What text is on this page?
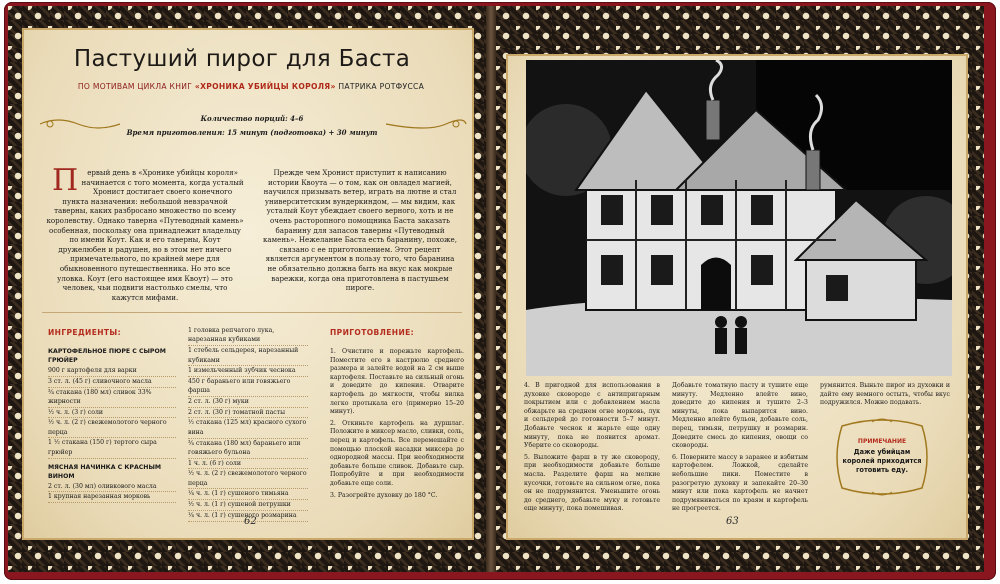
Пастуший пирог для Баста
ПО МОТИВАМ ЦИКЛА КНИГ «ХРОНИКА УБИЙЦЫ КОРОЛЯ» ПАТРИКА РОТФУССА
Количество порций: 4–6
Время приготовления: 15 минут (подготовка) + 30 минут
П ервый день в «Хронике убийцы короля» начинается с того момента, когда усталый Хронист достигает своего конечного пункта назначения: небольшой невзрачной таверны, каких разбросано множество по всему королевству. Однако таверна «Путеводный камень» особенная, поскольку она принадлежит владельцу по имени Коут. Как и его таверны, Коут дружелюбен и радушен, но в этом нет ничего примечательного, по крайней мере для обыкновенного путешественника. Но это все уловка. Коут (его настоящее имя Квоут) — это человек, чьи подвиги настолько смелы, что кажутся мифами.
Прежде чем Хронист приступит к написанию истории Квоута — о том, как он овладел магией, научился призывать ветер, играть на лютне и стал университетским вундеркиндом, — мы видим, как усталый Коут убеждает своего верного, хоть и не очень расторопного помощника Баста заказать баранину для запасов таверны «Путеводный камень». Нежелание Баста есть баранину, похоже, связано с ее приготовлением. Этот рецепт является аргументом в пользу того, что баранина не обязательно должна быть на вкус как мокрые варежки, когда она приготовлена в пастушьем пироге.
ИНГРЕДИЕНТЫ:
КАРТОФЕЛЬНОЕ ПЮРЕ С СЫРОМ ГРЮЙЕР
900 г картофеля для варки
3 ст. л. (45 г) сливочного масла
¾ стакана (180 мл) сливок 33% жирности
½ ч. л. (3 г) соли
½ ч. л. (2 г) свежемолотого черного перца
1 ½ стакана (150 г) тертого сыра грюйер
МЯСНАЯ НАЧИНКА С КРАСНЫМ ВИНОМ
2 ст. л. (30 мл) оливкового масла
1 крупная нарезанная морковь
1 головка репчатого лука, нарезанная кубиками
1 стебель сельдерея, нарезанный кубиками
1 измельченный зубчик чеснока
450 г бараньего или говяжьего фарша
2 ст. л. (30 г) муки
2 ст. л. (30 г) томатной пасты
½ стакана (125 мл) красного сухого вина
¾ стакана (180 мл) бараньего или говяжьего бульона
1 ч. л. (6 г) соли
½ ч. л. (2 г) свежемолотого черного перца
¼ ч. л. (1 г) сушеного тимьяна
½ ч. л. (1 г) сушеной петрушки
¼ ч. л. (1 г) сушеного розмарина
ПРИГОТОВЛЕНИЕ:
1. Очистите и порежьте картофель. Поместите его в кастрюлю среднего размера и залейте водой на 2 см выше картофеля. Поставьте на сильный огонь и доведите до кипения. Отварите картофель до мягкости, чтобы вилка легко протыкала его (примерно 15–20 минут).
2. Откиньте картофель на дуршлаг. Положите в миксер масло, сливки, соль, перец и картофель. Все перемешайте с помощью плоской насадки миксера до однородной массы. При необходимости добавьте больше сливок. Добавьте сыр. Попробуйте и при необходимости добавьте еще соли.
3. Разогрейте духовку до 180 °С.
62
4. В пригодной для использования в духовке сковороде с антипригарным покрытием или с добавлением масла обжарьте на среднем огне морковь, лук и сельдерей до готовности 5–7 минут. Добавьте чеснок и жарьте еще одну минуту, пока не появится аромат. Уберите со сковороды.
5. Выложите фарш в ту же сковороду, при необходимости добавьте больше масла. Разделите фарш на мелкие кусочки, готовьте на сильном огне, пока он не подрумянится. Уменьшите огонь до среднего, добавьте муку и готовьте еще минуту, пока помешивая.
Добавьте томатную пасту и тушите еще минуту. Медленно влейте вино, доведите до кипения и тушите 2–3 минуты, пока выпарится вино. Медленно влейте бульон, добавьте соль, перец, тимьян, петрушку и розмарин. Доведите смесь до кипения, овощи со сковороды.
6. Поверните массу в заранее и взбитым картофелем. Ложкой, сделайте небольшие пики. Поместите в разогретую духовку и запекайте 20–30 минут или пока картофель не начнет подрумяниваться по краям и картофель не прогреется.
румянится. Выньте пирог из духовки и дайте ему немного остыть, чтобы вкус подружился. Можно подавать.
ПРИМЕЧАНИЕ
Даже убийцам королей приходится готовить еду.
63
